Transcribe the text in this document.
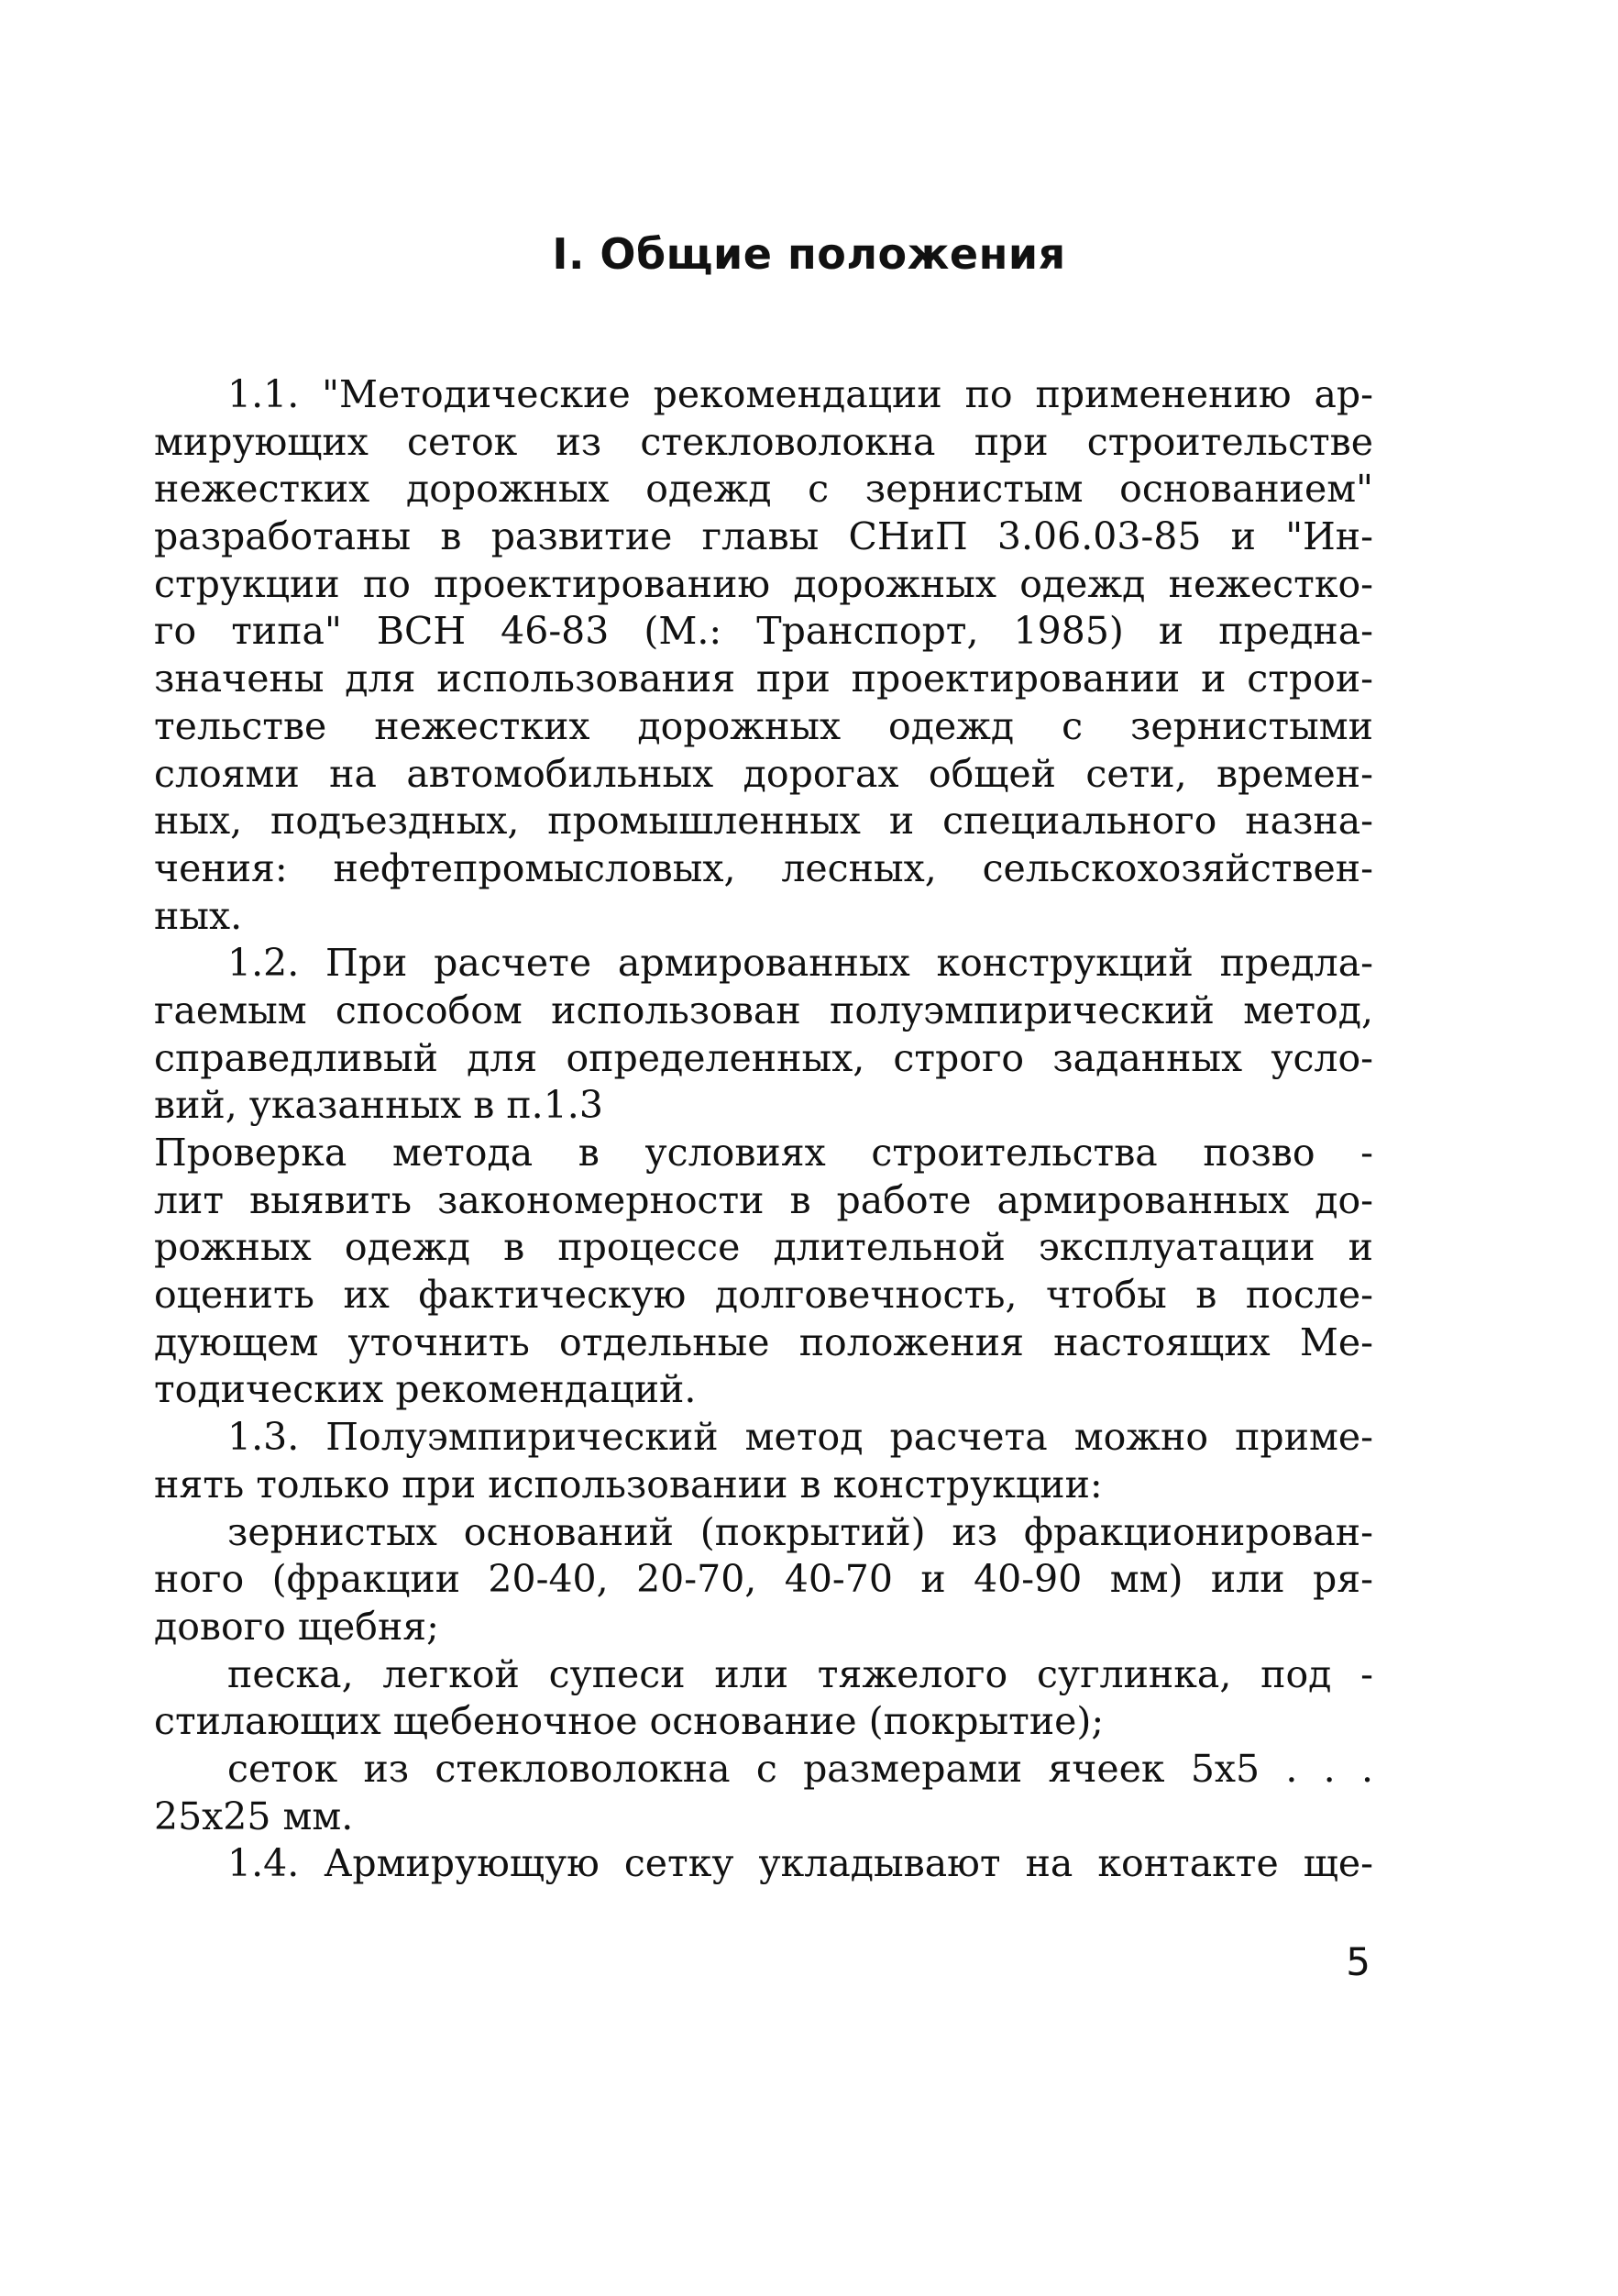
I. Общие положения
1.1. "Методические рекомендации по применению ар-
мирующих сеток из стекловолокна при строительстве
нежестких дорожных одежд с зернистым основанием"
разработаны в развитие главы СНиП 3.06.03-85 и "Ин-
струкции по проектированию дорожных одежд нежестко-
го типа" ВСН 46-83 (М.: Транспорт, 1985) и предна-
значены для использования при проектировании и строи-
тельстве нежестких дорожных одежд с зернистыми
слоями на автомобильных дорогах общей сети, времен-
ных, подъездных, промышленных и специального назна-
чения: нефтепромысловых, лесных, сельскохозяйствен-
ных.
1.2. При расчете армированных конструкций предла-
гаемым способом использован полуэмпирический метод,
справедливый для определенных, строго заданных усло-
вий, указанных в п.1.3
Проверка метода в условиях строительства позво -
лит выявить закономерности в работе армированных до-
рожных одежд в процессе длительной эксплуатации и
оценить их фактическую долговечность, чтобы в после-
дующем уточнить отдельные положения настоящих Ме-
тодических рекомендаций.
1.3. Полуэмпирический метод расчета можно приме-
нять только при использовании в конструкции:
зернистых оснований (покрытий) из фракционирован-
ного (фракции 20-40, 20-70, 40-70 и 40-90 мм) или ря-
дового щебня;
песка, легкой супеси или тяжелого суглинка, под -
стилающих щебеночное основание (покрытие);
сеток из стекловолокна с размерами ячеек 5х5 . . .
25х25 мм.
1.4. Армирующую сетку укладывают на контакте ще-
5
